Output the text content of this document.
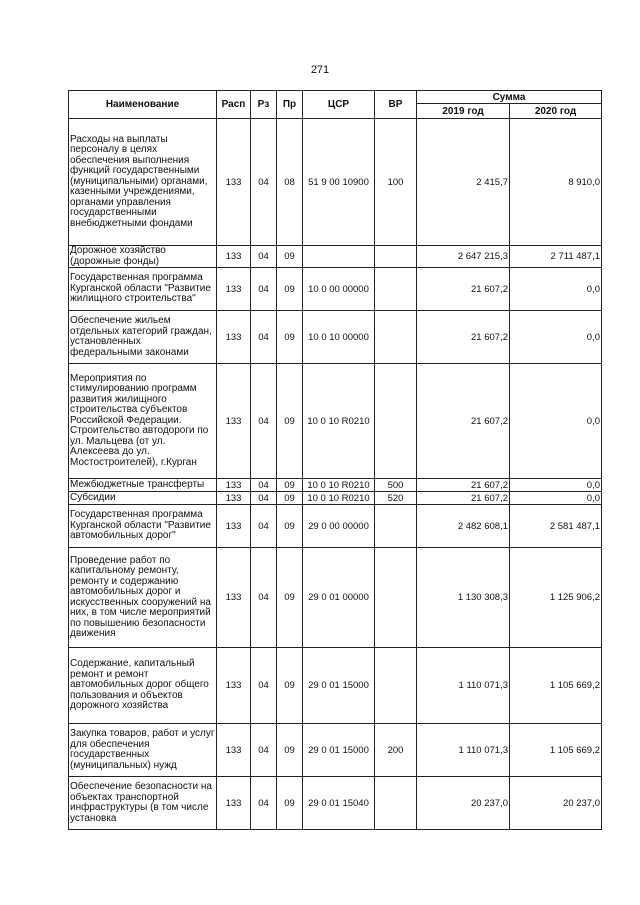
271
Наименование	Расп	Рз	Пр	ЦСР	ВР	Сумма	
						2019 год	2020 год
Расходы на выплаты персоналу в целях обеспечения выполнения функций государственными (муниципальными) органами, казенными учреждениями, органами управления государственными внебюджетными фондами	133	04	08	51 9 00 10900	100	2 415,7	8 910,0
Дорожное хозяйство (дорожные фонды)	133	04	09			2 647 215,3	2 711 487,1
Государственная программа Курганской области "Развитие жилищного строительства"	133	04	09	10 0 00 00000		21 607,2	0,0
Обеспечение жильем отдельных категорий граждан, установленных федеральными законами	133	04	09	10 0 10 00000		21 607,2	0,0
Мероприятия по стимулированию программ развития жилищного строительства субъектов Российской Федерации. Строительство автодороги по ул. Мальцева (от ул. Алексеева до ул. Мостостроителей), г.Курган	133	04	09	10 0 10 R0210		21 607,2	0,0
Межбюджетные трансферты	133	04	09	10 0 10 R0210	500	21 607,2	0,0
Субсидии	133	04	09	10 0 10 R0210	520	21 607,2	0,0
Государственная программа Курганской области "Развитие автомобильных дорог"	133	04	09	29 0 00 00000		2 482 608,1	2 581 487,1
Проведение работ по капитальному ремонту, ремонту и содержанию автомобильных дорог и искусственных сооружений на них, в том числе мероприятий по повышению безопасности движения	133	04	09	29 0 01 00000		1 130 308,3	1 125 906,2
Содержание, капитальный ремонт и ремонт автомобильных дорог общего пользования и объектов дорожного хозяйства	133	04	09	29 0 01 15000		1 110 071,3	1 105 669,2
Закупка товаров, работ и услуг для обеспечения государственных (муниципальных) нужд	133	04	09	29 0 01 15000	200	1 110 071,3	1 105 669,2
Обеспечение безопасности на объектах транспортной инфраструктуры (в том числе установка	133	04	09	29 0 01 15040		20 237,0	20 237,0
